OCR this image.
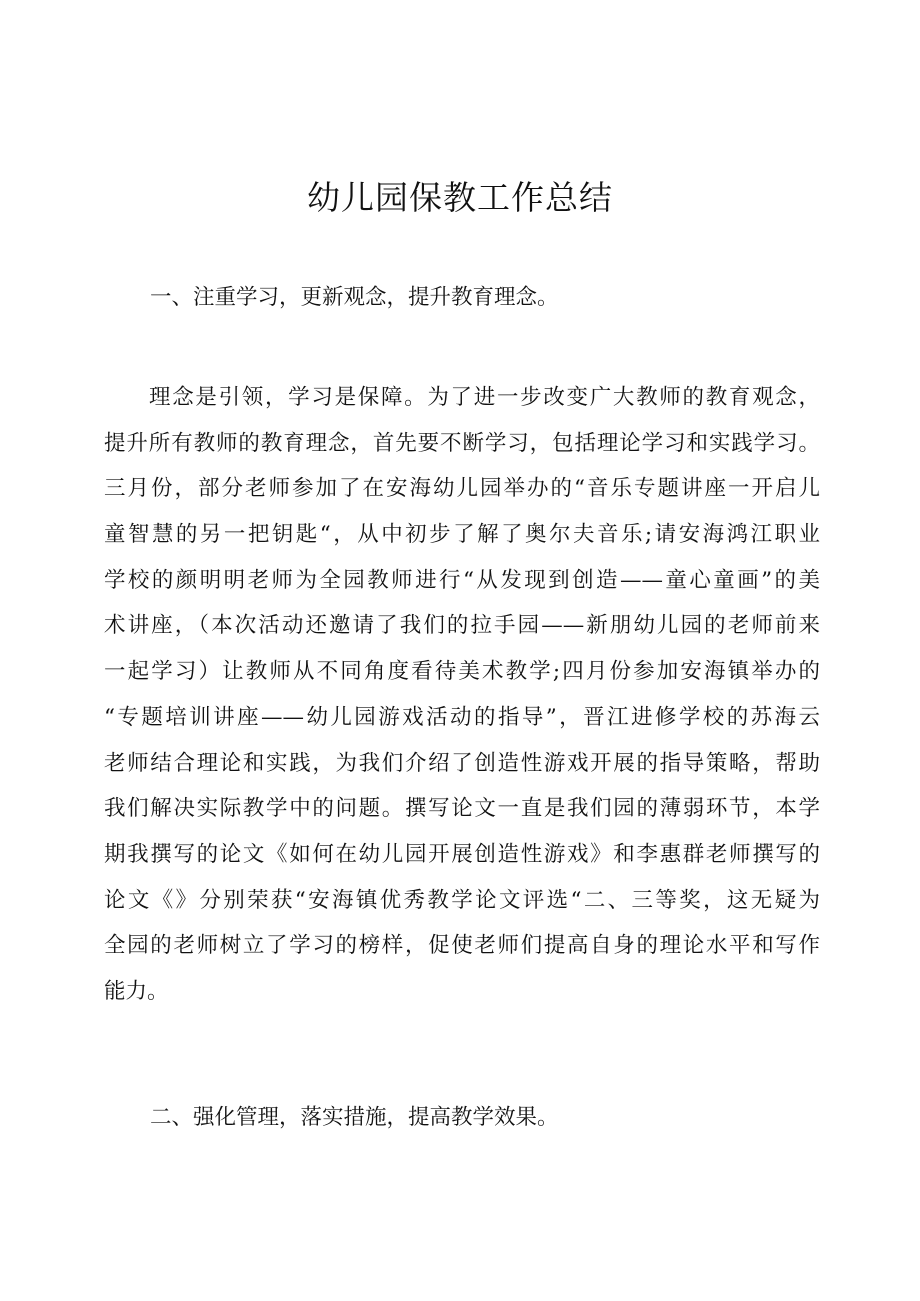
幼儿园保教工作总结

一、注重学习，更新观念，提升教育理念。

理念是引领，学习是保障。为了进一步改变广大教师的教育观念，
提升所有教师的教育理念，首先要不断学习，包括理论学习和实践学习。
三月份，部分老师参加了在安海幼儿园举办的“音乐专题讲座一开启儿
童智慧的另一把钥匙“，从中初步了解了奥尔夫音乐;请安海鸿江职业
学校的颜明明老师为全园教师进行“从发现到创造——童心童画”的美
术讲座，（本次活动还邀请了我们的拉手园——新朋幼儿园的老师前来
一起学习）让教师从不同角度看待美术教学;四月份参加安海镇举办的
“专题培训讲座——幼儿园游戏活动的指导”，晋江进修学校的苏海云
老师结合理论和实践，为我们介绍了创造性游戏开展的指导策略，帮助
我们解决实际教学中的问题。撰写论文一直是我们园的薄弱环节，本学
期我撰写的论文《如何在幼儿园开展创造性游戏》和李惠群老师撰写的
论文《》分别荣获“安海镇优秀教学论文评选“二、三等奖，这无疑为
全园的老师树立了学习的榜样，促使老师们提高自身的理论水平和写作
能力。

二、强化管理，落实措施，提高教学效果。
